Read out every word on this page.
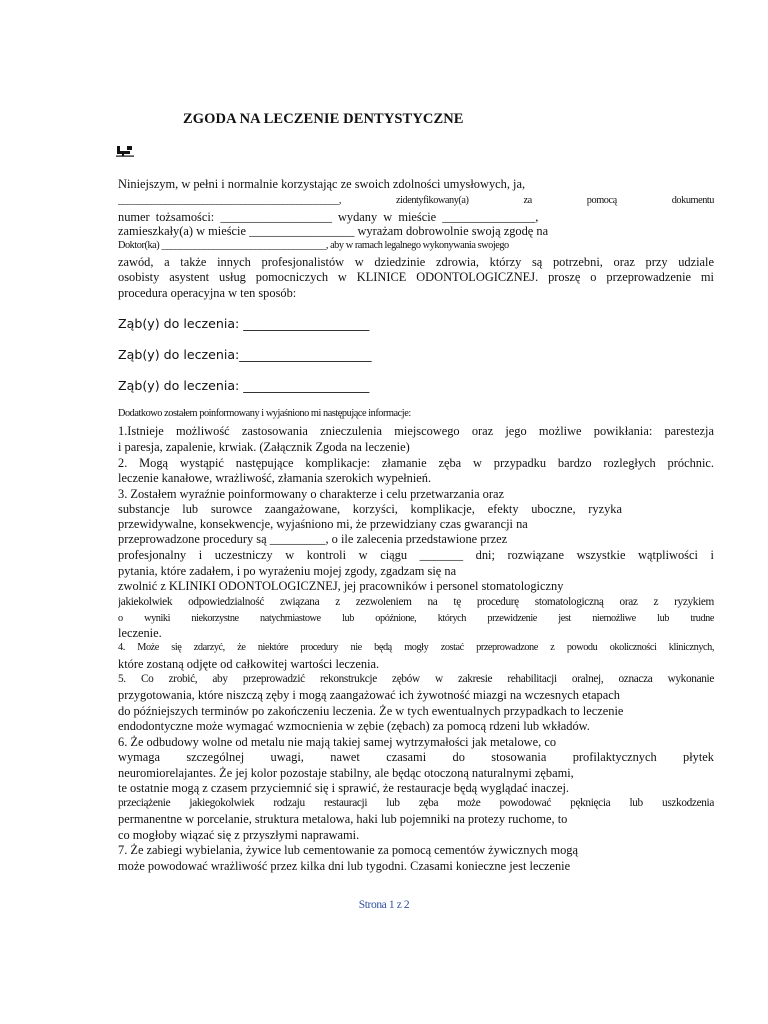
ZGODA NA LECZENIE DENTYSTYCZNE
Niniejszym, w pełni i normalnie korzystając ze swoich zdolności umysłowych, ja,
_______________________________________________, zidentyfikowany(a) za pomocą dokumentu
numer tożsamości: __________________ wydany w mieście _______________,
zamieszkały(a) w mieście _________________ wyrażam dobrowolnie swoją zgodę na
Doktor(ka) ___________________________________, aby w ramach legalnego wykonywania swojego
zawód, a także innych profesjonalistów w dziedzinie zdrowia, którzy są potrzebni, oraz przy udziale
osobisty asystent usług pomocniczych w KLINICE ODONTOLOGICZNEJ. proszę o przeprowadzenie mi
procedura operacyjna w ten sposób:
Ząb(y) do leczenia: ____________________
Ząb(y) do leczenia:_____________________
Ząb(y) do leczenia: ____________________
Dodatkowo zostałem poinformowany i wyjaśniono mi następujące informacje:
1.Istnieje możliwość zastosowania znieczulenia miejscowego oraz jego możliwe powikłania: parestezja
i paresja, zapalenie, krwiak. (Załącznik Zgoda na leczenie)
2. Mogą wystąpić następujące komplikacje: złamanie zęba w przypadku bardzo rozległych próchnic.
leczenie kanałowe, wrażliwość, złamania szerokich wypełnień.
3. Zostałem wyraźnie poinformowany o charakterze i celu przetwarzania oraz
substancje lub surowce zaangażowane, korzyści, komplikacje, efekty uboczne, ryzyka
przewidywalne, konsekwencje, wyjaśniono mi, że przewidziany czas gwarancji na
przeprowadzone procedury są _________, o ile zalecenia przedstawione przez
profesjonalny i uczestniczy w kontroli w ciągu _______ dni; rozwiązane wszystkie wątpliwości i
pytania, które zadałem, i po wyrażeniu mojej zgody, zgadzam się na
zwolnić z KLINIKI ODONTOLOGICZNEJ, jej pracowników i personel stomatologiczny
jakiekolwiek odpowiedzialność związana z zezwoleniem na tę procedurę stomatologiczną oraz z ryzykiem
o wyniki niekorzystne natychmiastowe lub opóźnione, których przewidzenie jest niemożliwe lub trudne
leczenie.
4. Może się zdarzyć, że niektóre procedury nie będą mogły zostać przeprowadzone z powodu okoliczności klinicznych,
które zostaną odjęte od całkowitej wartości leczenia.
5. Co zrobić, aby przeprowadzić rekonstrukcje zębów w zakresie rehabilitacji oralnej, oznacza wykonanie
przygotowania, które niszczą zęby i mogą zaangażować ich żywotność miazgi na wczesnych etapach
do późniejszych terminów po zakończeniu leczenia. Że w tych ewentualnych przypadkach to leczenie
endodontyczne może wymagać wzmocnienia w zębie (zębach) za pomocą rdzeni lub wkładów.
6. Że odbudowy wolne od metalu nie mają takiej samej wytrzymałości jak metalowe, co
wymaga szczególnej uwagi, nawet czasami do stosowania profilaktycznych płytek
neuromiorelajantes. Że jej kolor pozostaje stabilny, ale będąc otoczoną naturalnymi zębami,
te ostatnie mogą z czasem przyciemnić się i sprawić, że restauracje będą wyglądać inaczej.
przeciążenie jakiegokolwiek rodzaju restauracji lub zęba może powodować pęknięcia lub uszkodzenia
permanentne w porcelanie, struktura metalowa, haki lub pojemniki na protezy ruchome, to
co mogłoby wiązać się z przyszłymi naprawami.
7. Że zabiegi wybielania, żywice lub cementowanie za pomocą cementów żywicznych mogą
może powodować wrażliwość przez kilka dni lub tygodni. Czasami konieczne jest leczenie
Strona 1 z 2
